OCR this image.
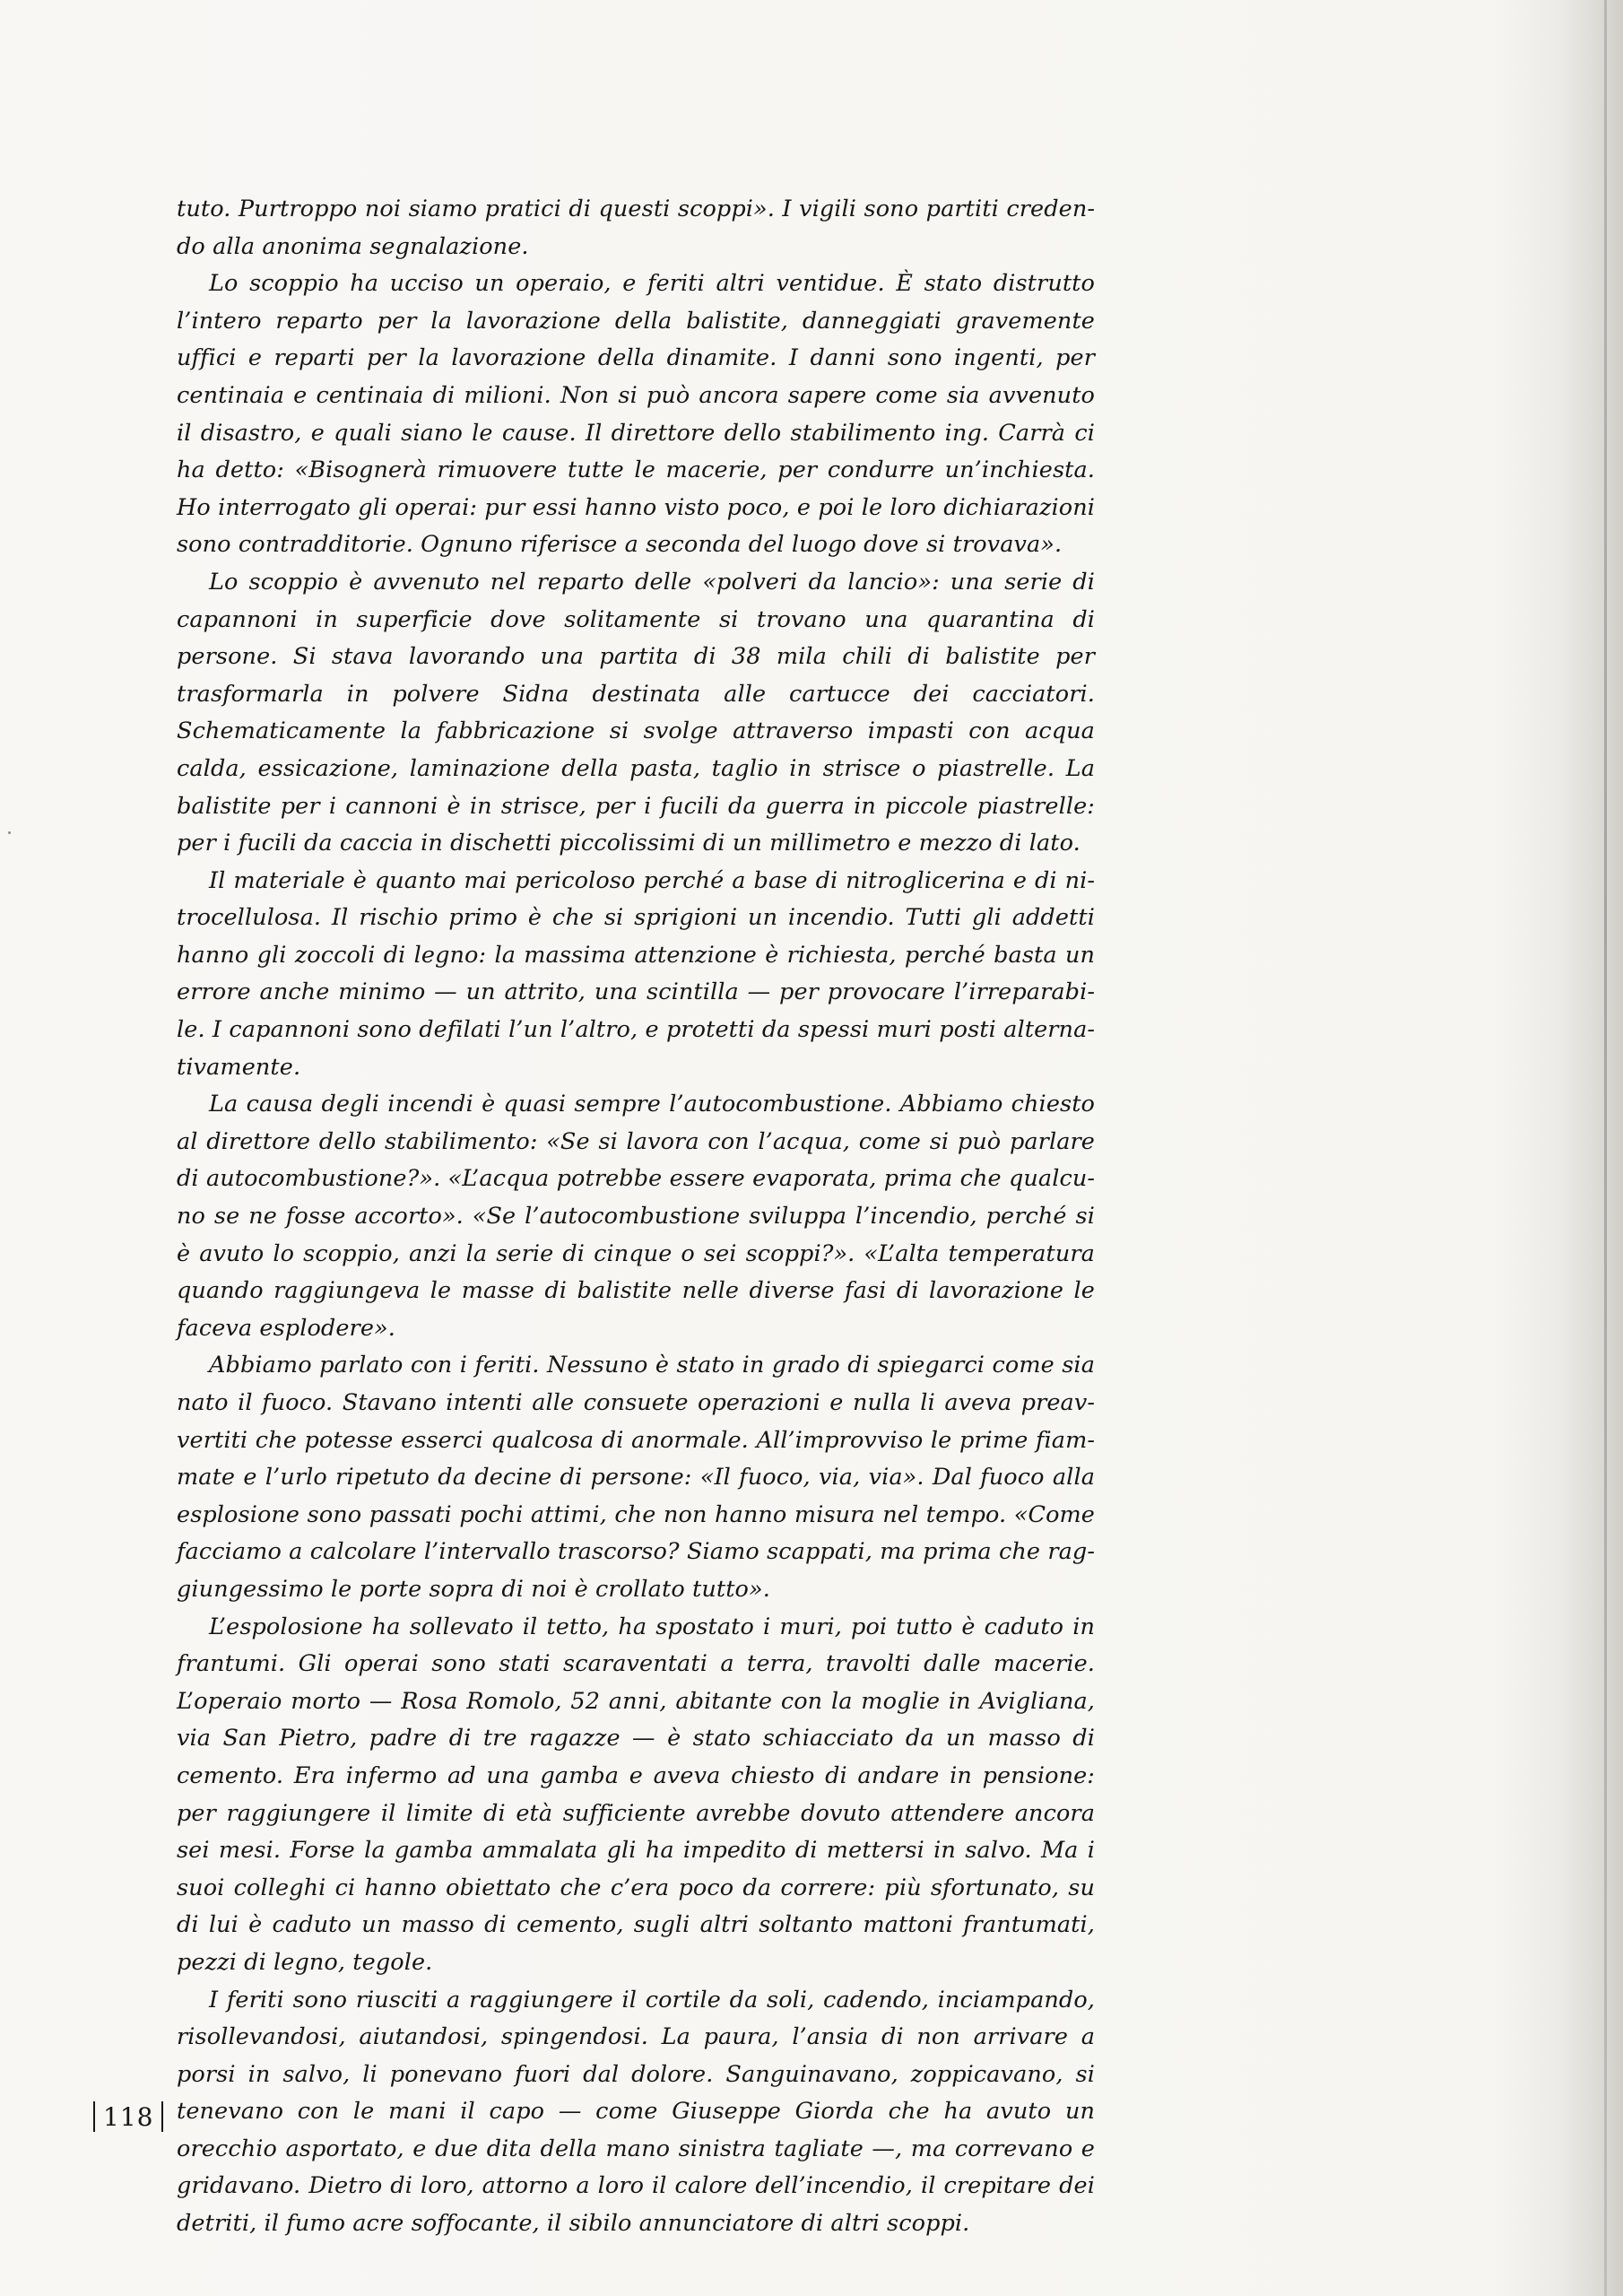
tuto. Purtroppo noi siamo pratici di questi scoppi». I vigili sono partiti credendo alla anonima segnalazione.

Lo scoppio ha ucciso un operaio, e feriti altri ventidue. È stato distrutto l’intero reparto per la lavorazione della balistite, danneggiati gravemente uffici e reparti per la lavorazione della dinamite. I danni sono ingenti, per centinaia e centinaia di milioni. Non si può ancora sapere come sia avvenuto il disastro, e quali siano le cause. Il direttore dello stabilimento ing. Carrà ci ha detto: «Bisognerà rimuovere tutte le macerie, per condurre un’inchiesta. Ho interrogato gli operai: pur essi hanno visto poco, e poi le loro dichiarazioni sono contradditorie. Ognuno riferisce a seconda del luogo dove si trovava».

Lo scoppio è avvenuto nel reparto delle «polveri da lancio»: una serie di capannoni in superficie dove solitamente si trovano una quarantina di persone. Si stava lavorando una partita di 38 mila chili di balistite per trasformarla in polvere Sidna destinata alle cartucce dei cacciatori. Schematicamente la fabbricazione si svolge attraverso impasti con acqua calda, essicazione, laminazione della pasta, taglio in strisce o piastrelle. La balistite per i cannoni è in strisce, per i fucili da guerra in piccole piastrelle: per i fucili da caccia in dischetti piccolissimi di un millimetro e mezzo di lato.

Il materiale è quanto mai pericoloso perché a base di nitroglicerina e di nitrocellulosa. Il rischio primo è che si sprigioni un incendio. Tutti gli addetti hanno gli zoccoli di legno: la massima attenzione è richiesta, perché basta un errore anche minimo — un attrito, una scintilla — per provocare l’irreparabile. I capannoni sono defilati l’un l’altro, e protetti da spessi muri posti alternativamente.

La causa degli incendi è quasi sempre l’autocombustione. Abbiamo chiesto al direttore dello stabilimento: «Se si lavora con l’acqua, come si può parlare di autocombustione?». «L’acqua potrebbe essere evaporata, prima che qualcuno se ne fosse accorto». «Se l’autocombustione sviluppa l’incendio, perché si è avuto lo scoppio, anzi la serie di cinque o sei scoppi?». «L’alta temperatura quando raggiungeva le masse di balistite nelle diverse fasi di lavorazione le faceva esplodere».

Abbiamo parlato con i feriti. Nessuno è stato in grado di spiegarci come sia nato il fuoco. Stavano intenti alle consuete operazioni e nulla li aveva preavvertiti che potesse esserci qualcosa di anormale. All’improvviso le prime fiammate e l’urlo ripetuto da decine di persone: «Il fuoco, via, via». Dal fuoco alla esplosione sono passati pochi attimi, che non hanno misura nel tempo. «Come facciamo a calcolare l’intervallo trascorso? Siamo scappati, ma prima che raggiungessimo le porte sopra di noi è crollato tutto».

L’espolosione ha sollevato il tetto, ha spostato i muri, poi tutto è caduto in frantumi. Gli operai sono stati scaraventati a terra, travolti dalle macerie. L’operaio morto — Rosa Romolo, 52 anni, abitante con la moglie in Avigliana, via San Pietro, padre di tre ragazze — è stato schiacciato da un masso di cemento. Era infermo ad una gamba e aveva chiesto di andare in pensione: per raggiungere il limite di età sufficiente avrebbe dovuto attendere ancora sei mesi. Forse la gamba ammalata gli ha impedito di mettersi in salvo. Ma i suoi colleghi ci hanno obiettato che c’era poco da correre: più sfortunato, su di lui è caduto un masso di cemento, sugli altri soltanto mattoni frantumati, pezzi di legno, tegole.

I feriti sono riusciti a raggiungere il cortile da soli, cadendo, inciampando, risollevandosi, aiutandosi, spingendosi. La paura, l’ansia di non arrivare a porsi in salvo, li ponevano fuori dal dolore. Sanguinavano, zoppicavano, si tenevano con le mani il capo — come Giuseppe Giorda che ha avuto un orecchio asportato, e due dita della mano sinistra tagliate —, ma correvano e gridavano. Dietro di loro, attorno a loro il calore dell’incendio, il crepitare dei detriti, il fumo acre soffocante, il sibilo annunciatore di altri scoppi.

118
